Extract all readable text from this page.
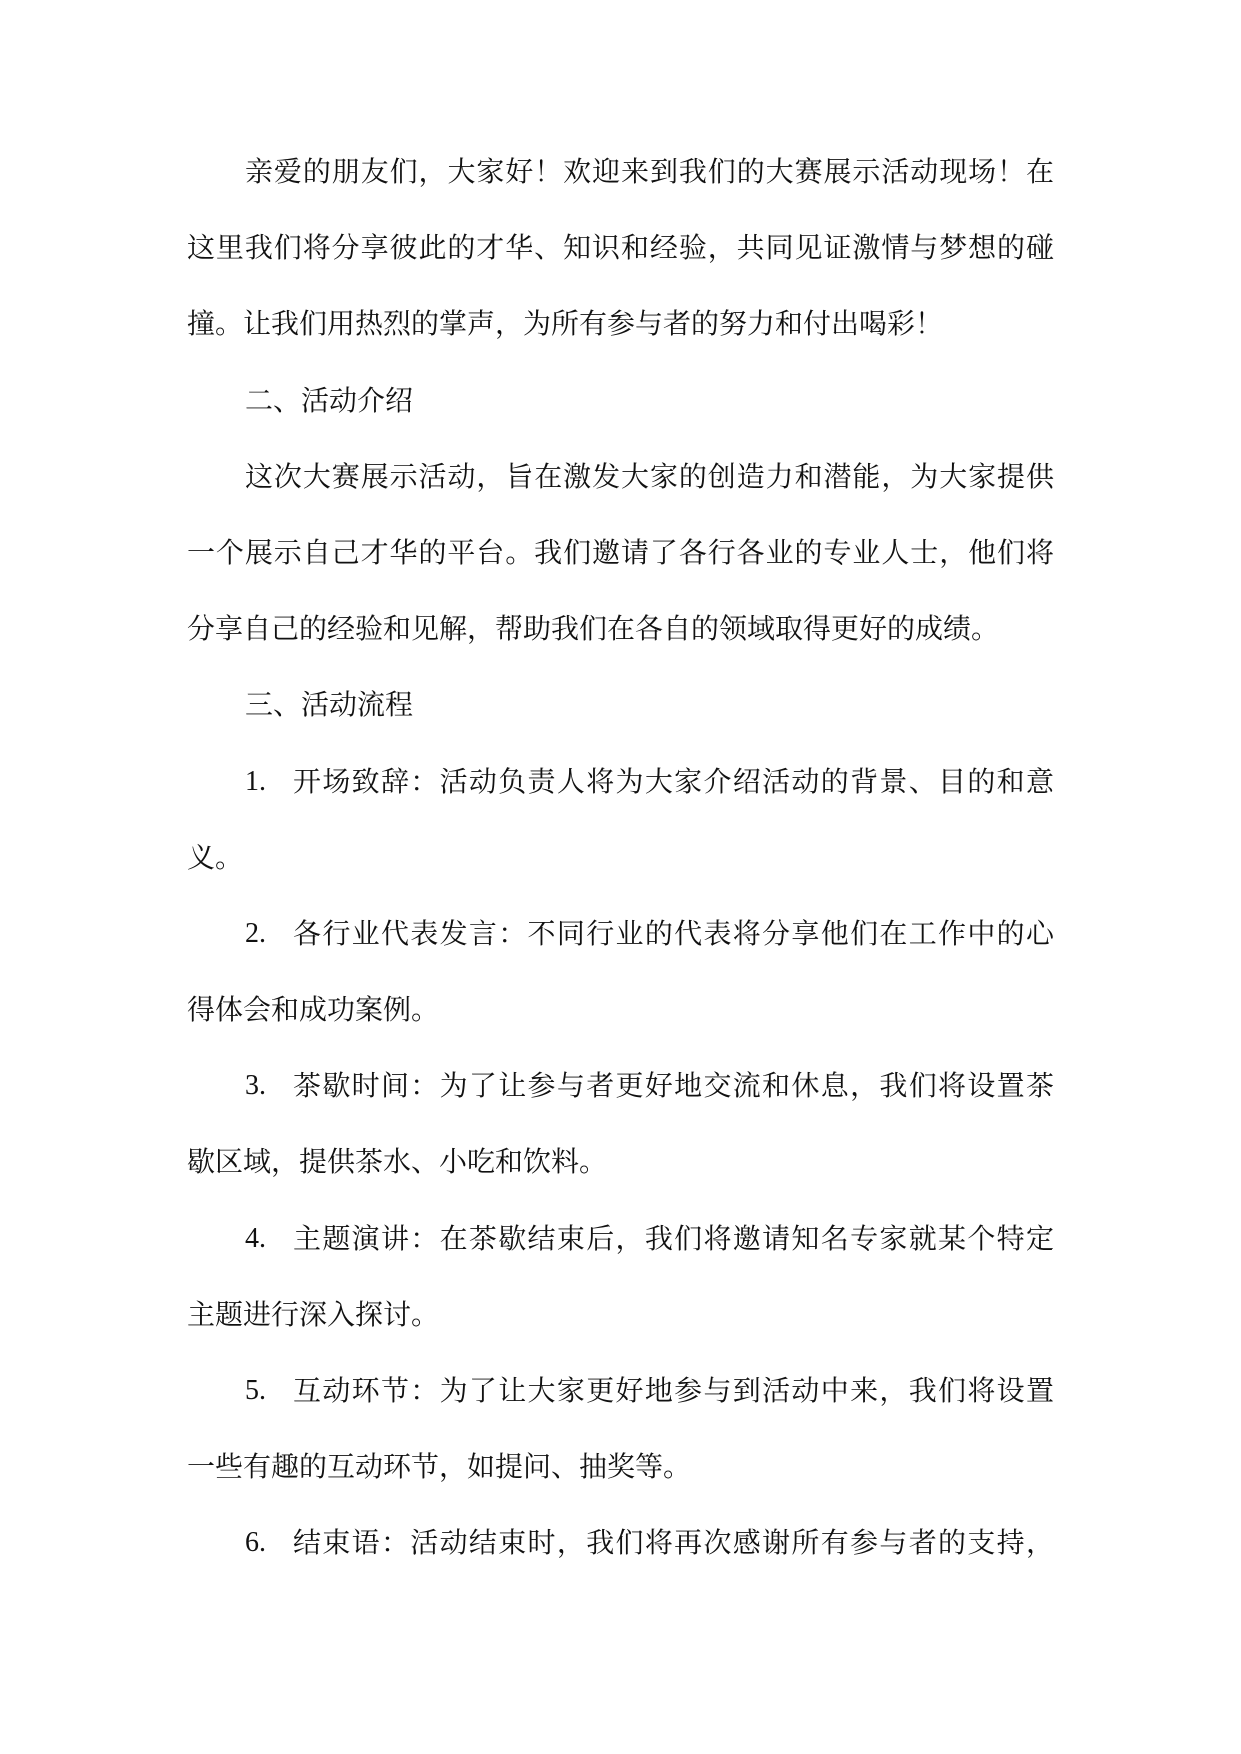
亲爱的朋友们，大家好！欢迎来到我们的大赛展示活动现场！在
这里我们将分享彼此的才华、知识和经验，共同见证激情与梦想的碰
撞。让我们用热烈的掌声，为所有参与者的努力和付出喝彩！
二、活动介绍
这次大赛展示活动，旨在激发大家的创造力和潜能，为大家提供
一个展示自己才华的平台。我们邀请了各行各业的专业人士，他们将
分享自己的经验和见解，帮助我们在各自的领域取得更好的成绩。
三、活动流程
1. 开场致辞：活动负责人将为大家介绍活动的背景、目的和意
义。
2. 各行业代表发言：不同行业的代表将分享他们在工作中的心
得体会和成功案例。
3. 茶歇时间：为了让参与者更好地交流和休息，我们将设置茶
歇区域，提供茶水、小吃和饮料。
4. 主题演讲：在茶歇结束后，我们将邀请知名专家就某个特定
主题进行深入探讨。
5. 互动环节：为了让大家更好地参与到活动中来，我们将设置
一些有趣的互动环节，如提问、抽奖等。
6. 结束语：活动结束时，我们将再次感谢所有参与者的支持，
